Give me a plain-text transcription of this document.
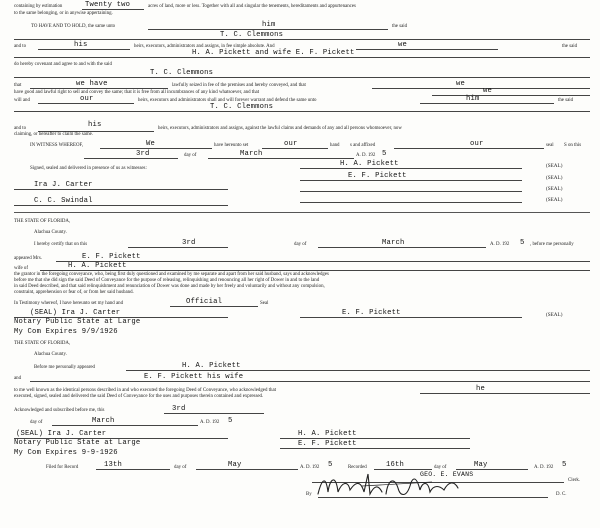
containing by estimation	Twenty two	acres of land, more or less. Together with all and singular the tenements, hereditaments and appurtenances
to the same belonging, or in anywise appertaining.
TO HAVE AND TO HOLD, the same unto	him	the said
T. C. Clemmons
and to	his	heirs, executors, administrators and assigns, in fee simple absolute. And	we	the said
H. A. Pickett and wife E. F. Pickett
do hereby covenant and agree to and with the said
T. C. Clemmons
that	we have	lawfully seized in fee of the premises and hereby conveyed, and that	we
have good and lawful right to sell and convey the same; that it is free from all incumbrances of any kind whatsoever, and that	we
will and	our	heirs, executors and administrators shall and will forever warrant and defend the same unto	him	the said
T. C. Clemmons
and to	his	heirs, executors, administrators and assigns, against the lawful claims and demands of any and all persons whomsoever, now
claiming, or hereafter to claim the same.
IN WITNESS WHEREOF,	We	have hereunto set	our	hand s and affixed	our	seal S on this
3rd	day of	March	A. D. 192 5
Signed, sealed and delivered in presence of us as witnesses:
H. A. Pickett	(SEAL)
E. F. Pickett	(SEAL)
Ira J. Carter	(SEAL)
C. C. Swindal	(SEAL)
THE STATE OF FLORIDA,
Alachua County.
I hereby certify that on this	3rd	day of	March	A. D. 192 5 , before me personally
appeared Mrs.	E. F. Pickett
wife of	H. A. Pickett
the grantor in the foregoing conveyance, who, being first duly questioned and examined by me separate and apart from her said husband, says and acknowledges
before me that she did sign the said Deed of Conveyance for the purpose of releasing, relinquishing and renouncing all her right of Dower in and to the land
in said Deed described, and that said relinquishment and renunciation of Dower was done and made by her freely and voluntarily and without any compulsion,
constraint, apprehension or fear of, or from her said husband.
In Testimony whereof, I have hereunto set my hand and	Official	Seal
(SEAL) Ira J. Carter
Notary Public State at Large
My Com Expires 9/9/1926
E. F. Pickett	(SEAL)
THE STATE OF FLORIDA,
Alachua County.
Before me personally appeared	H. A. Pickett
and	E. F. Pickett his wife
to me well known as the identical persons described in and who executed the foregoing Deed of Conveyance, who acknowledged that	he
executed, signed, sealed and delivered the said Deed of Conveyance for the uses and purposes therein contained and expressed.
Acknowledged and subscribed before me, this	3rd
day of	March	A. D. 192 5
(SEAL) Ira J. Carter
Notary Public State at Large
My Com Expires 9-9-1926
H. A. Pickett
E. F. Pickett
Filed for Record	13th	day of	May	A. D. 192 5	Recorded	16th	day of	May	A. D. 192 5
GEO. E. EVANS
Clerk.
By	D. C.
